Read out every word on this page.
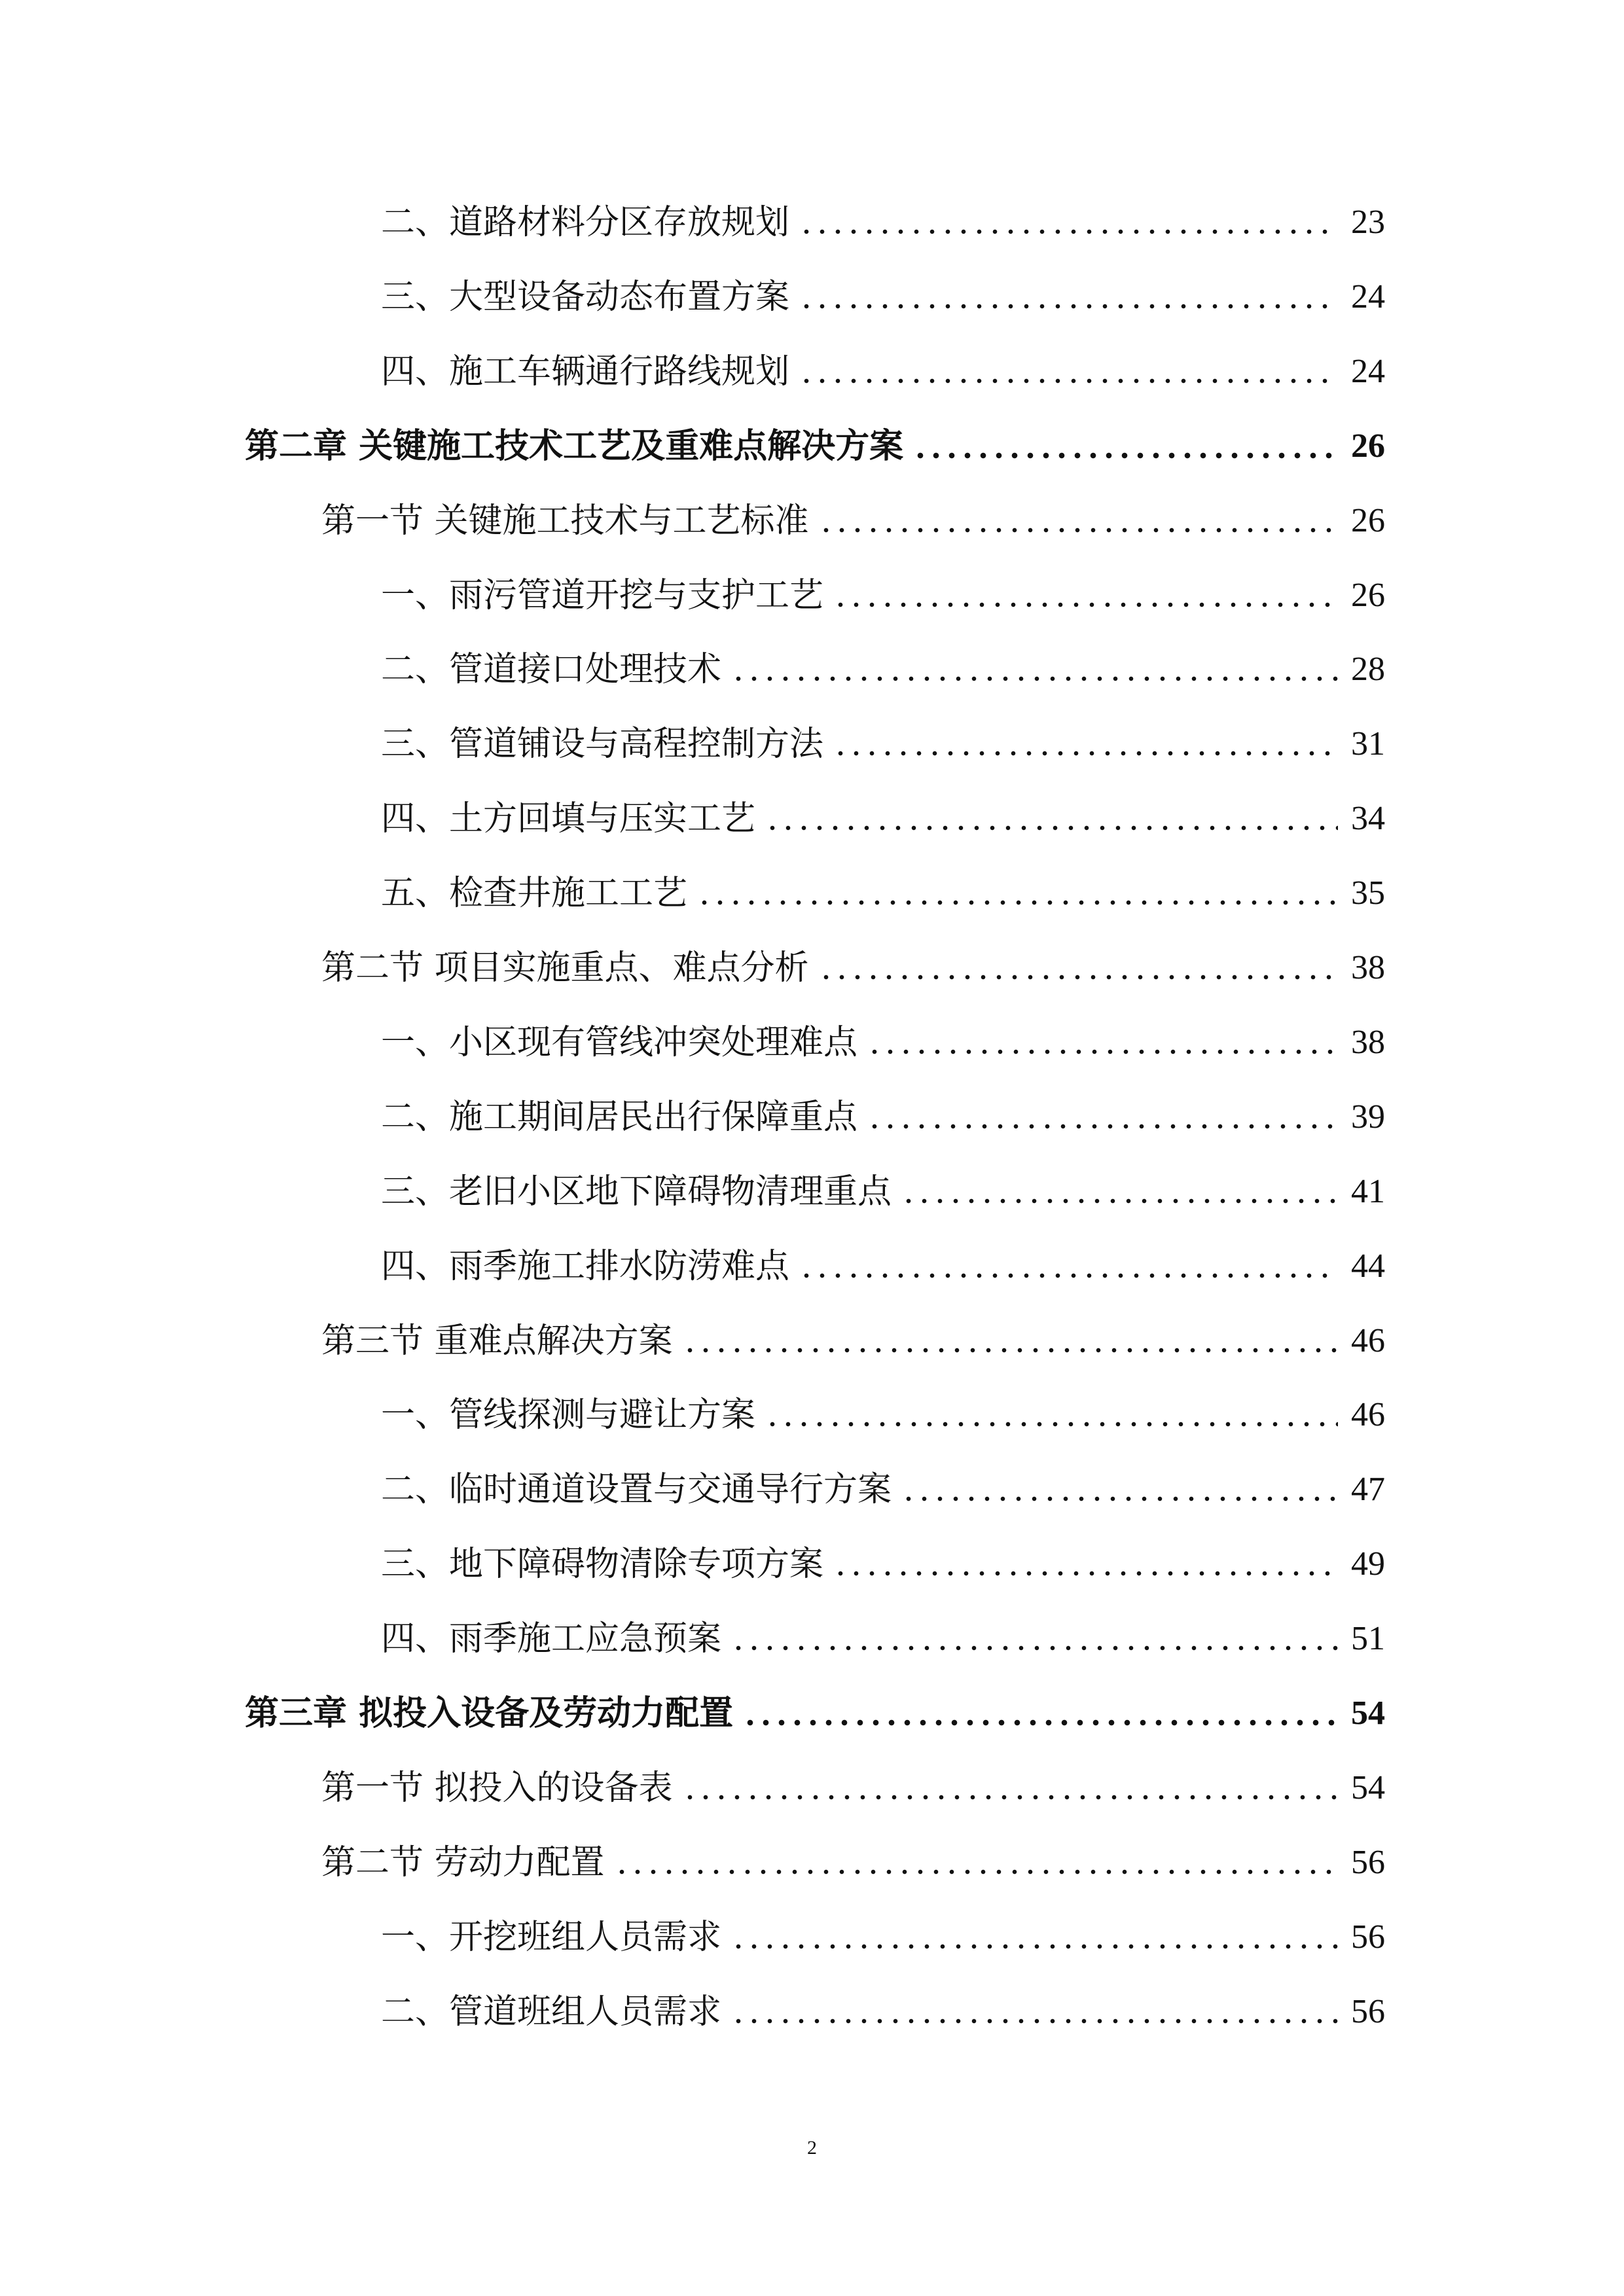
二、道路材料分区存放规划	23
三、大型设备动态布置方案	24
四、施工车辆通行路线规划	24
第二章 关键施工技术工艺及重难点解决方案	26
第一节 关键施工技术与工艺标准	26
一、雨污管道开挖与支护工艺	26
二、管道接口处理技术	28
三、管道铺设与高程控制方法	31
四、土方回填与压实工艺	34
五、检查井施工工艺	35
第二节 项目实施重点、难点分析	38
一、小区现有管线冲突处理难点	38
二、施工期间居民出行保障重点	39
三、老旧小区地下障碍物清理重点	41
四、雨季施工排水防涝难点	44
第三节 重难点解决方案	46
一、管线探测与避让方案	46
二、临时通道设置与交通导行方案	47
三、地下障碍物清除专项方案	49
四、雨季施工应急预案	51
第三章 拟投入设备及劳动力配置	54
第一节 拟投入的设备表	54
第二节 劳动力配置	56
一、开挖班组人员需求	56
二、管道班组人员需求	56
2
